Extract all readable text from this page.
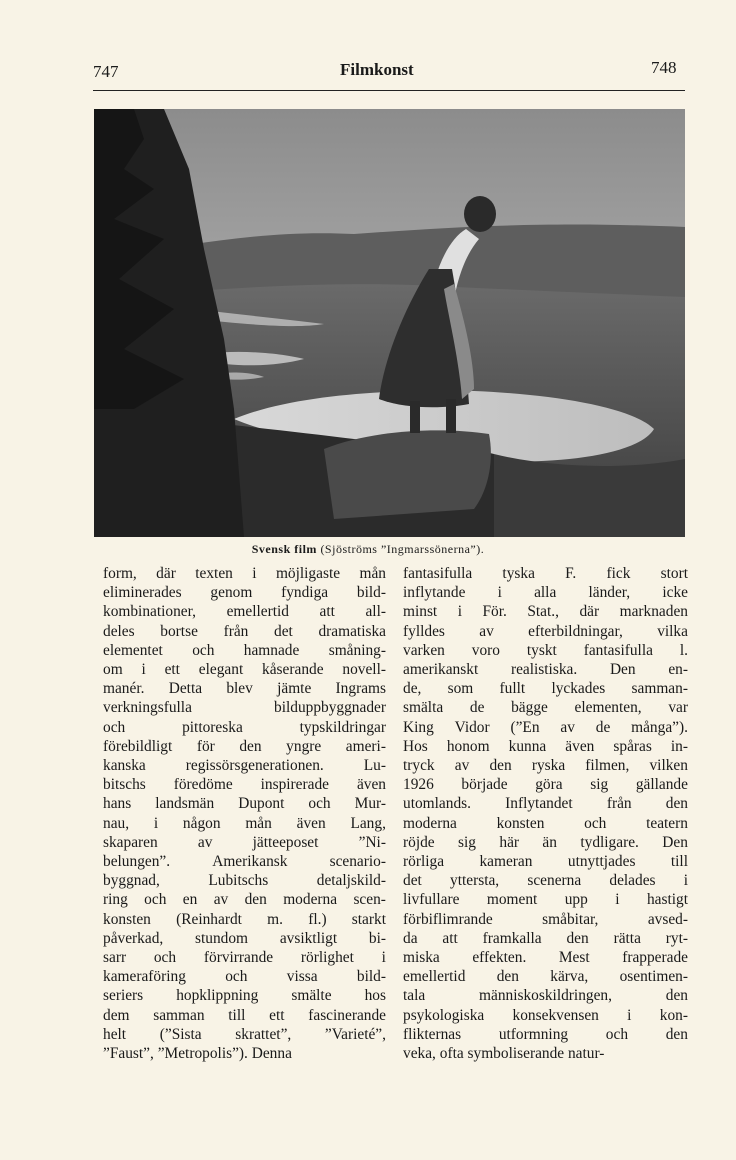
747	Filmkonst	748
Svensk film (Sjöströms ”Ingmarssönerna”).
form, där texten i möjligaste mån
eliminerades genom fyndiga bild-
kombinationer, emellertid att all-
deles bortse från det dramatiska
elementet och hamnade småning-
om i ett elegant kåserande novell-
manér. Detta blev jämte Ingrams
verkningsfulla	bilduppbyggnader
och	pittoreska	typskildringar
förebildligt för den yngre ameri-
kanska	regissörsgenerationen.	Lu-
bitschs föredöme inspirerade även
hans landsmän Dupont och Mur-
nau, i någon mån även Lang,
skaparen	av	jätteeposet	”Ni-
belungen”.	Amerikansk	scenario-
byggnad,	Lubitschs	detaljskild-
ring och en av den moderna scen-
konsten (Reinhardt m. fl.) starkt
påverkad, stundom avsiktligt bi-
sarr och förvirrande rörlighet i
kameraföring	och	vissa	bild-
seriers hopklippning smälte hos
dem samman till ett fascinerande
helt (”Sista skrattet”, ”Varieté”,
”Faust”, ”Metropolis”). Denna
fantasifulla tyska F. fick stort
inflytande i alla länder, icke
minst i För. Stat., där marknaden
fylldes av efterbildningar, vilka
varken voro tyskt fantasifulla l.
amerikanskt realistiska. Den en-
de, som fullt lyckades samman-
smälta de bägge elementen, var
King Vidor (”En av de många”).
Hos honom kunna även spåras in-
tryck av den ryska filmen, vilken
1926 började göra sig gällande
utomlands. Inflytandet från den
moderna	konsten	och	teatern
röjde sig här än tydligare. Den
rörliga kameran utnyttjades till
det yttersta, scenerna delades i
livfullare moment upp i hastigt
förbiflimrande	småbitar,	avsed-
da att framkalla den rätta ryt-
miska effekten. Mest frapperade
emellertid den kärva, osentimen-
tala	människoskildringen,	den
psykologiska konsekvensen i kon-
flikternas utformning och den
veka, ofta symboliserande natur-
